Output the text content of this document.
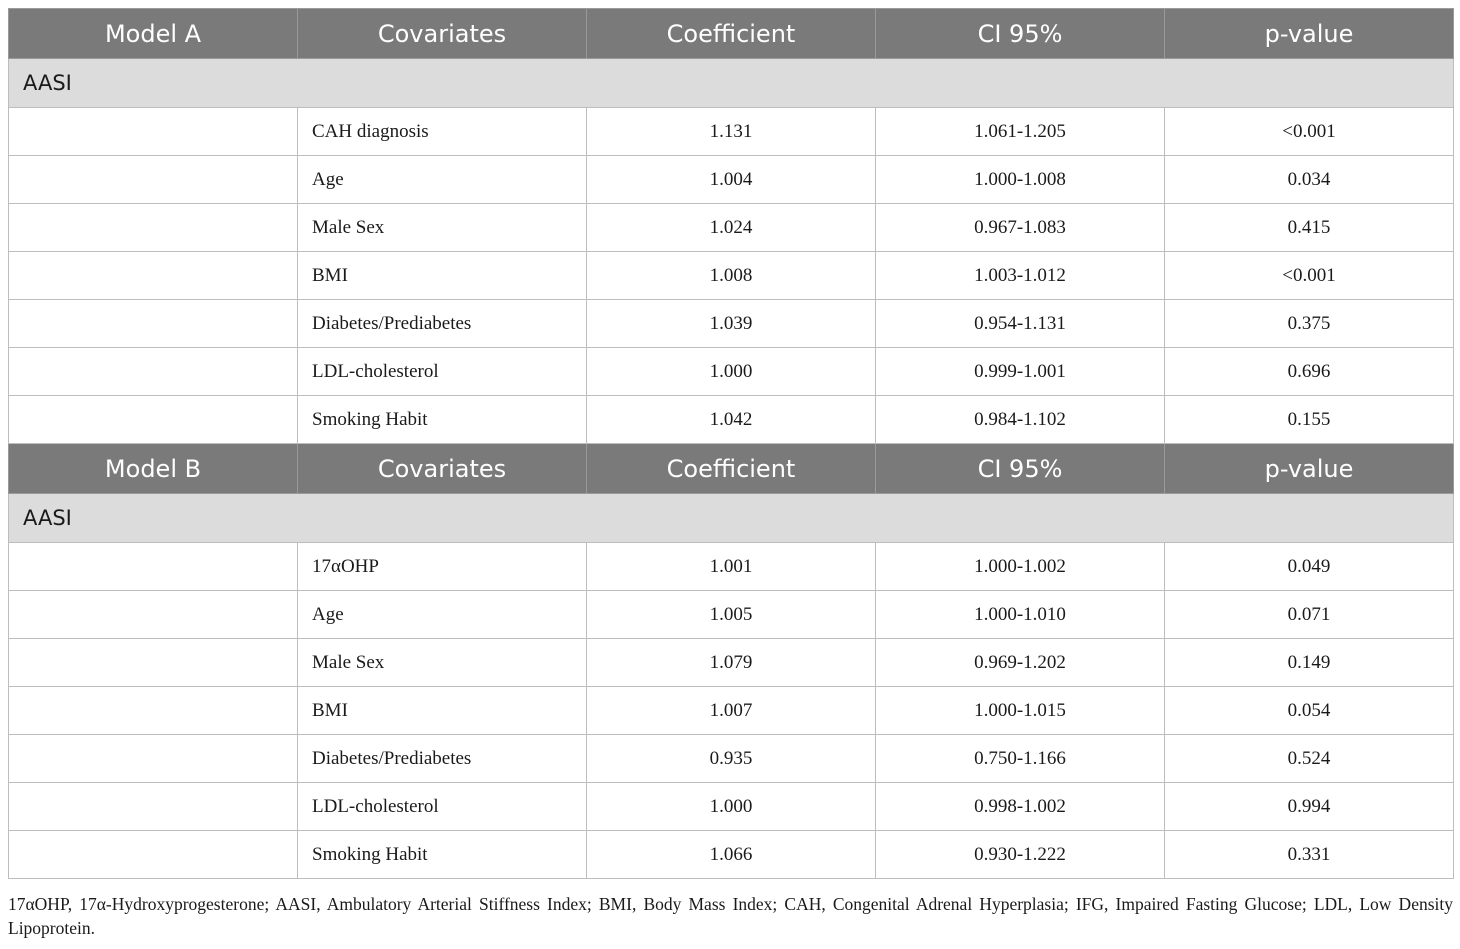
Model A	Covariates	Coefficient	CI 95%	p-value
AASI				
	CAH diagnosis	1.131	1.061-1.205	<0.001
	Age	1.004	1.000-1.008	0.034
	Male Sex	1.024	0.967-1.083	0.415
	BMI	1.008	1.003-1.012	<0.001
	Diabetes/Prediabetes	1.039	0.954-1.131	0.375
	LDL-cholesterol	1.000	0.999-1.001	0.696
	Smoking Habit	1.042	0.984-1.102	0.155
Model B	Covariates	Coefficient	CI 95%	p-value
AASI				
	17αOHP	1.001	1.000-1.002	0.049
	Age	1.005	1.000-1.010	0.071
	Male Sex	1.079	0.969-1.202	0.149
	BMI	1.007	1.000-1.015	0.054
	Diabetes/Prediabetes	0.935	0.750-1.166	0.524
	LDL-cholesterol	1.000	0.998-1.002	0.994
	Smoking Habit	1.066	0.930-1.222	0.331
17αOHP, 17α-Hydroxyprogesterone; AASI, Ambulatory Arterial Stiffness Index; BMI, Body Mass Index; CAH, Congenital Adrenal Hyperplasia; IFG, Impaired Fasting Glucose; LDL, Low Density Lipoprotein.
